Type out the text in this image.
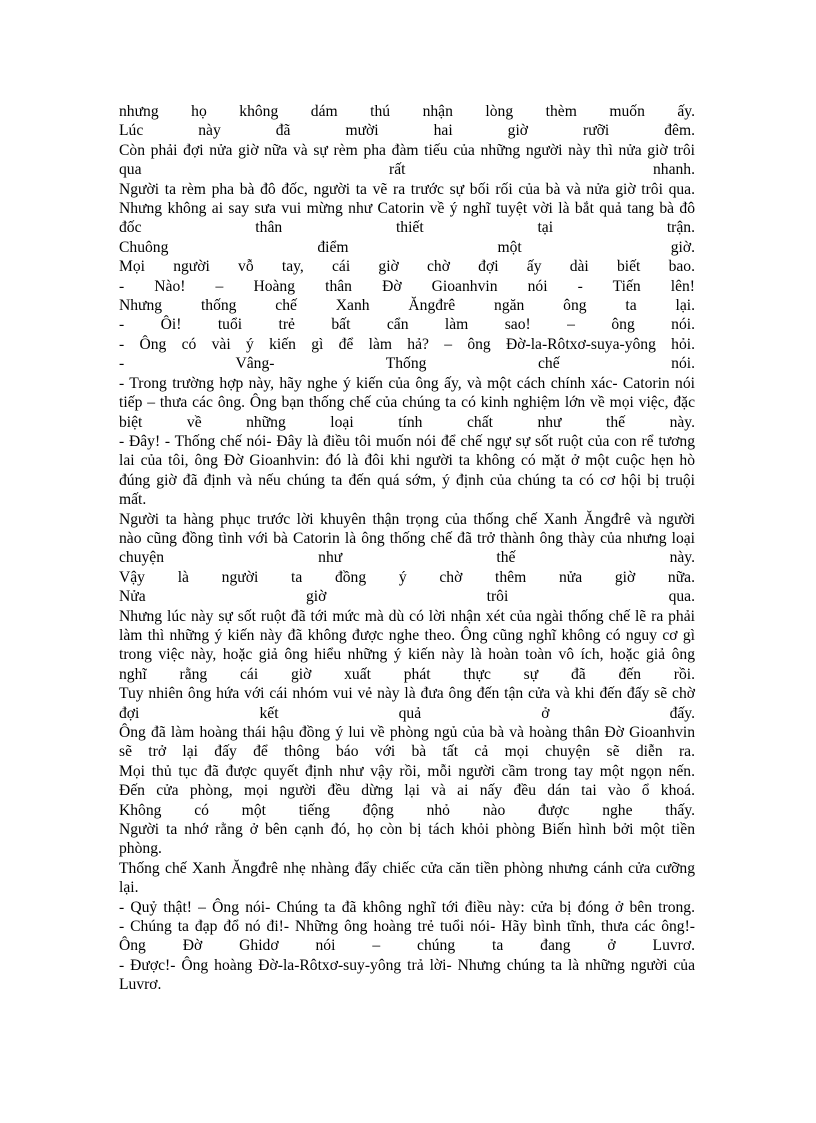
nhưng họ không dám thú nhận lòng thèm muốn ấy.
Lúc này đã mười hai giờ rưỡi đêm.
Còn phải đợi nửa giờ nữa và sự rèm pha đàm tiếu của những người này thì nửa giờ trôi
qua rất nhanh.
Người ta rèm pha bà đô đốc, người ta vẽ ra trước sự bối rối của bà và nửa giờ trôi qua.
Nhưng không ai say sưa vui mừng như Catorin về ý nghĩ tuyệt vời là bắt quả tang bà đô
đốc thân thiết tại trận.
Chuông điểm một giờ.
Mọi người vỗ tay, cái giờ chờ đợi ấy dài biết bao.
- Nào! – Hoàng thân Đờ Gioanhvin nói - Tiến lên!
Nhưng thống chế Xanh Ăngđrê ngăn ông ta lại.
- Ôi! tuổi trẻ bất cẩn làm sao! – ông nói.
- Ông có vài ý kiến gì để làm hả? – ông Đờ-la-Rôtxơ-suya-yông hỏi.
- Vâng- Thống chế nói.
- Trong trường hợp này, hãy nghe ý kiến của ông ấy, và một cách chính xác- Catorin nói
tiếp – thưa các ông. Ông bạn thống chế của chúng ta có kinh nghiệm lớn về mọi việc, đặc
biệt về những loại tính chất như thế này.
- Đây! - Thống chế nói- Đây là điều tôi muốn nói để chế ngự sự sốt ruột của con rể tương
lai của tôi, ông Đờ Gioanhvin: đó là đôi khi người ta không có mặt ở một cuộc hẹn hò
đúng giờ đã định và nếu chúng ta đến quá sớm, ý định của chúng ta có cơ hội bị truội
mất.
Người ta hàng phục trước lời khuyên thận trọng của thống chế Xanh Ăngđrê và người
nào cũng đồng tình với bà Catorin là ông thống chế đã trở thành ông thày của nhưng loại
chuyện như thế này.
Vậy là người ta đồng ý chờ thêm nửa giờ nữa.
Nửa giờ trôi qua.
Nhưng lúc này sự sốt ruột đã tới mức mà dù có lời nhận xét của ngài thống chế lẽ ra phải
làm thì những ý kiến này đã không được nghe theo. Ông cũng nghĩ không có nguy cơ gì
trong việc này, hoặc giả ông hiểu những ý kiến này là hoàn toàn vô ích, hoặc giả ông
nghĩ rằng cái giờ xuất phát thực sự đã đến rồi.
Tuy nhiên ông hứa với cái nhóm vui vẻ này là đưa ông đến tận cửa và khi đến đấy sẽ chờ
đợi kết quả ở đấy.
Ông đã làm hoàng thái hậu đồng ý lui về phòng ngủ của bà và hoàng thân Đờ Gioanhvin
sẽ trở lại đấy để thông báo với bà tất cả mọi chuyện sẽ diễn ra.
Mọi thủ tục đã được quyết định như vậy rồi, mỗi người cầm trong tay một ngọn nến.
Đến cửa phòng, mọi người đều dừng lại và ai nấy đều dán tai vào ổ khoá.
Không có một tiếng động nhỏ nào được nghe thấy.
Người ta nhớ rằng ở bên cạnh đó, họ còn bị tách khỏi phòng Biến hình bởi một tiền
phòng.
Thống chế Xanh Ăngđrê nhẹ nhàng đẩy chiếc cửa căn tiền phòng nhưng cánh cửa cưỡng
lại.
- Quỷ thật! – Ông nói- Chúng ta đã không nghĩ tới điều này: cửa bị đóng ở bên trong.
- Chúng ta đạp đổ nó đi!- Những ông hoàng trẻ tuổi nói- Hãy bình tĩnh, thưa các ông!-
Ông Đờ Ghidơ nói – chúng ta đang ở Luvrơ.
- Được!- Ông hoàng Đờ-la-Rôtxơ-suy-yông trả lời- Nhưng chúng ta là những người của
Luvrơ.
